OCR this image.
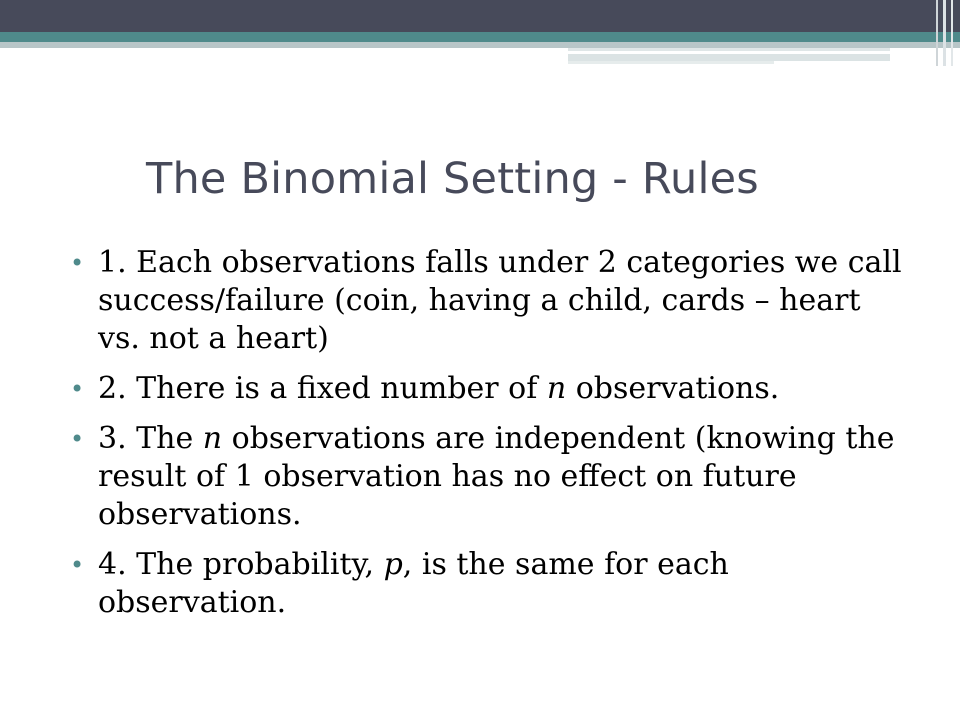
The Binomial Setting - Rules
• 1. Each observations falls under 2 categories we call success/failure (coin, having a child, cards – heart vs. not a heart)
• 2. There is a fixed number of n observations.
• 3. The n observations are independent (knowing the result of 1 observation has no effect on future observations.
• 4. The probability, p, is the same for each observation.
